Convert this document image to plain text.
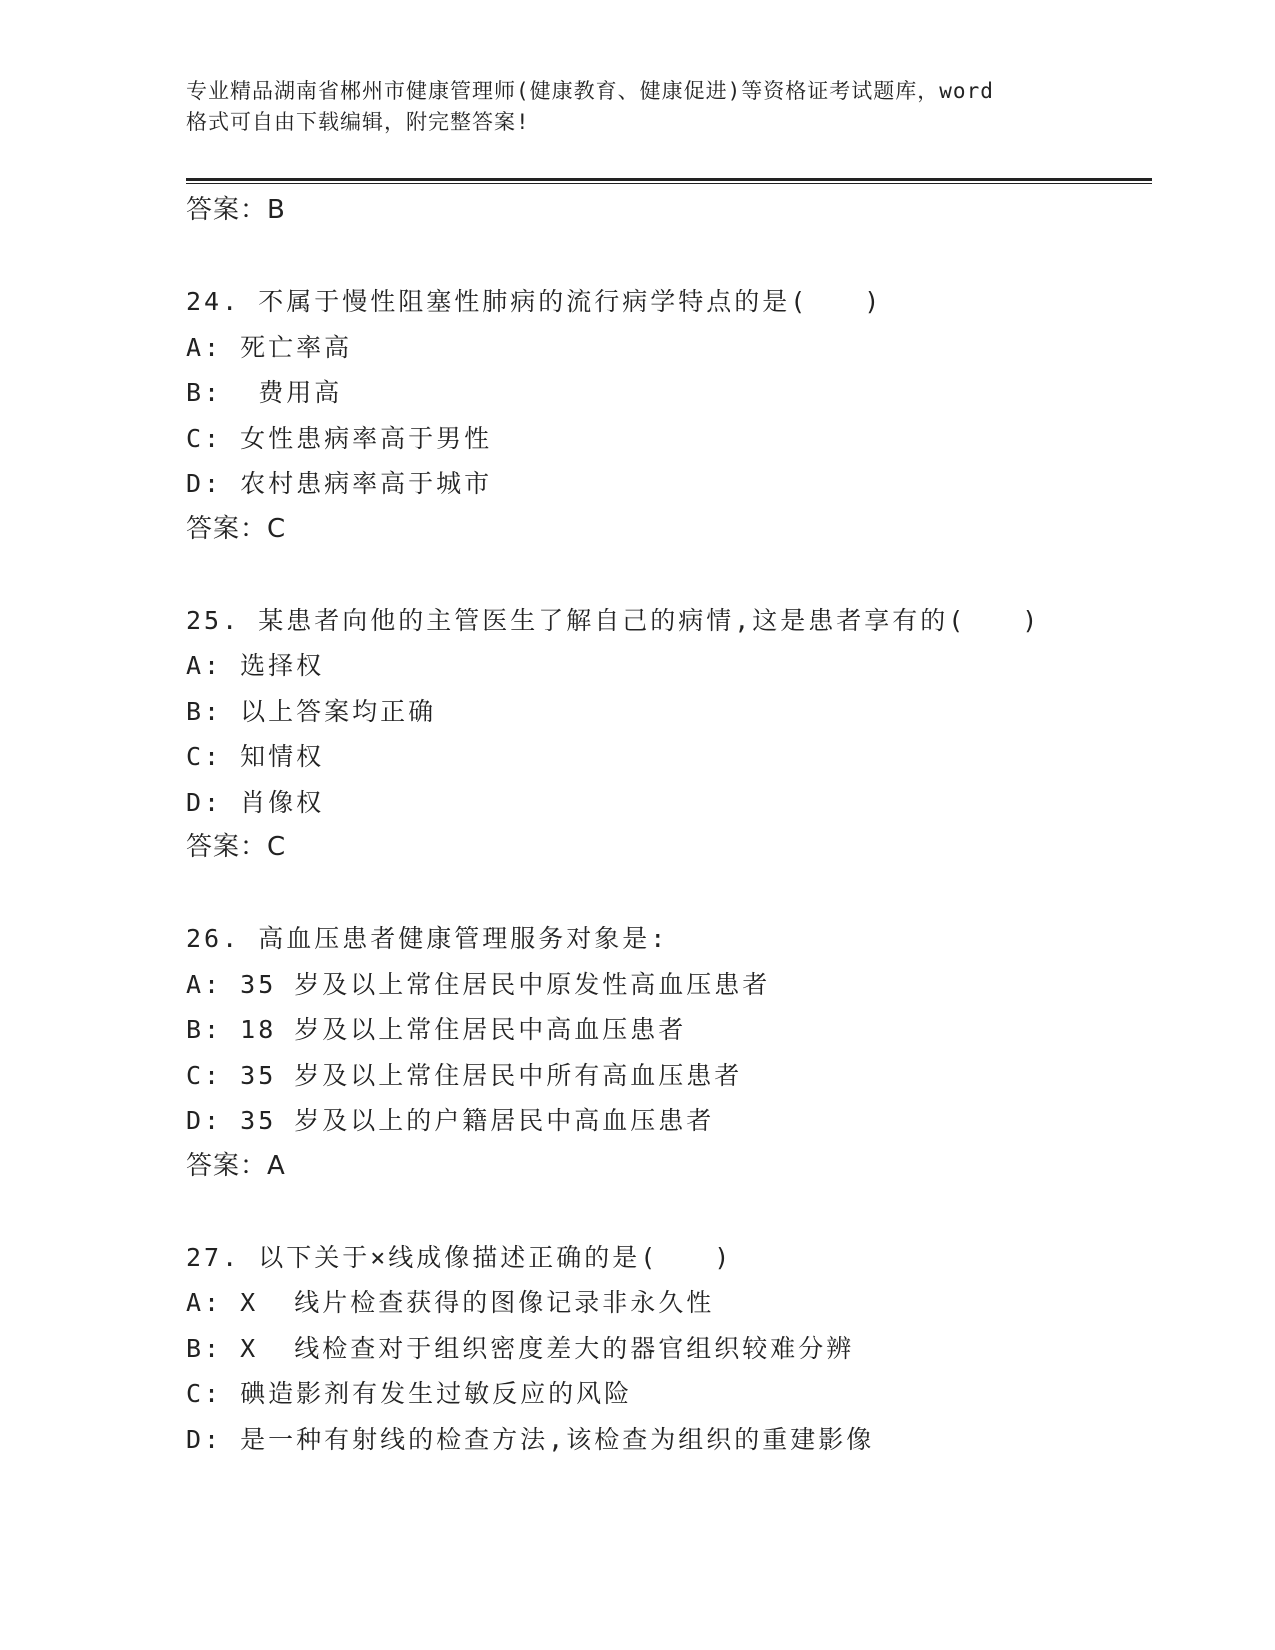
专业精品湖南省郴州市健康管理师(健康教育、健康促进)等资格证考试题库，word
格式可自由下载编辑，附完整答案!
答案：B
24. 不属于慢性阻塞性肺病的流行病学特点的是(　　)
A: 死亡率高
B:  费用高
C: 女性患病率高于男性
D: 农村患病率高于城市
答案：C
25. 某患者向他的主管医生了解自己的病情,这是患者享有的(　　)
A: 选择权
B: 以上答案均正确
C: 知情权
D: 肖像权
答案：C
26. 高血压患者健康管理服务对象是:
A: 35 岁及以上常住居民中原发性高血压患者
B: 18 岁及以上常住居民中高血压患者
C: 35 岁及以上常住居民中所有高血压患者
D: 35 岁及以上的户籍居民中高血压患者
答案：A
27. 以下关于×线成像描述正确的是(　　)
A: X  线片检查获得的图像记录非永久性
B: X  线检查对于组织密度差大的器官组织较难分辨
C: 碘造影剂有发生过敏反应的风险
D: 是一种有射线的检查方法,该检查为组织的重建影像
